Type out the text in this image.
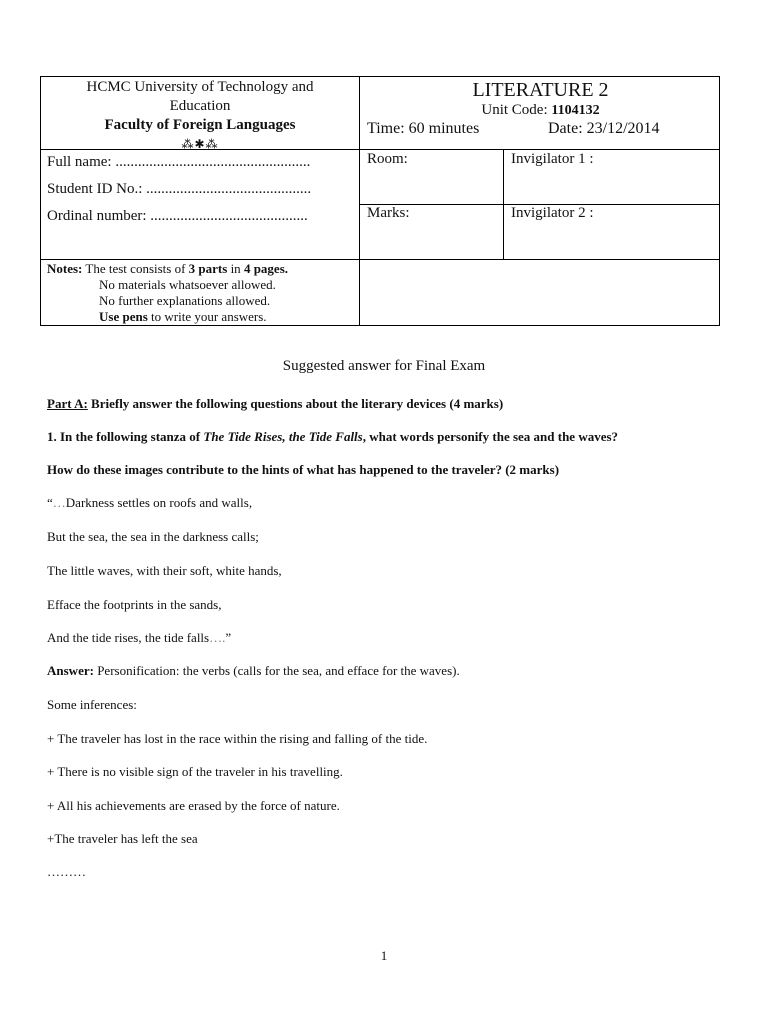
HCMC University of Technology and
Education
Faculty of Foreign Languages
⁂✱⁂
LITERATURE 2
Unit Code: 1104132
Time: 60 minutes	Date: 23/12/2014
Full name: ....................................................
Student ID No.: ............................................
Ordinal number: ..........................................
Room:	Invigilator 1 :
Marks:	Invigilator 2 :
Notes: The test consists of 3 parts in 4 pages.
No materials whatsoever allowed.
No further explanations allowed.
Use pens to write your answers.
Suggested answer for Final Exam
Part A: Briefly answer the following questions about the literary devices (4 marks)
1. In the following stanza of The Tide Rises, the Tide Falls, what words personify the sea and the waves?
How do these images contribute to the hints of what has happened to the traveler? (2 marks)
“…Darkness settles on roofs and walls,
But the sea, the sea in the darkness calls;
The little waves, with their soft, white hands,
Efface the footprints in the sands,
And the tide rises, the tide falls….”
Answer: Personification: the verbs (calls for the sea, and efface for the waves).
Some inferences:
+ The traveler has lost in the race within the rising and falling of the tide.
+ There is no visible sign of the traveler in his travelling.
+ All his achievements are erased by the force of nature.
+The traveler has left the sea
………
1
